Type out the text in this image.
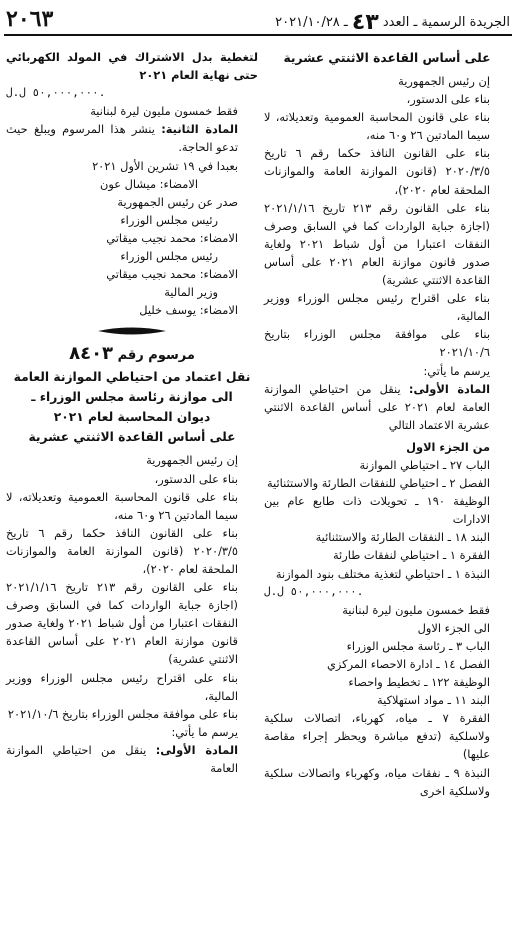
٢٠٦٣	الجريدة الرسمية ـ العدد ٤٣ ـ ٢٠٢١/١٠/٢٨

على أساس القاعدة الاثنتي عشرية

إن رئيس الجمهورية

بناء على الدستور،

بناء على قانون المحاسبة العمومية وتعديلاته، لا سيما المادتين ٢٦ و٦٠ منه،

بناء على القانون النافذ حكما رقم ٦ تاريخ ٢٠٢٠/٣/٥ (قانون الموازنة العامة والموازنات الملحقة لعام ٢٠٢٠)،

بناء على القانون رقم ٢١٣ تاريخ ٢٠٢١/١/١٦ (اجازة جباية الواردات كما في السابق وصرف النفقات اعتبارا من أول شباط ٢٠٢١ ولغاية صدور قانون موازنة العام ٢٠٢١ على أساس القاعدة الاثنتي عشرية)

بناء على اقتراح رئيس مجلس الوزراء ووزير المالية،

بناء على موافقة مجلس الوزراء بتاريخ ٢٠٢١/١٠/٦

يرسم ما يأتي:

المادة الأولى: ينقل من احتياطي الموازنة العامة لعام ٢٠٢١ على أساس القاعدة الاثنتي عشرية الاعتماد التالي

من الجزء الاول

الباب ٢٧ ـ احتياطي الموازنة

الفصل ٢ ـ احتياطي للنفقات الطارئة والاستثنائية

الوظيفة ١٩٠ ـ تحويلات ذات طابع عام بين الادارات

البند ١٨ ـ النفقات الطارئة والاستثنائية

الفقرة ١ ـ احتياطي لنفقات طارئة

النبذة ١ ـ احتياطي لتغذية مختلف بنود الموازنة

٥٠,٠٠٠,٠٠٠ ل.ل.

فقط خمسون مليون ليرة لبنانية

الى الجزء الاول

الباب ٣ ـ رئاسة مجلس الوزراء

الفصل ١٤ ـ ادارة الاحصاء المركزي

الوظيفة ١٢٢ ـ تخطيط واحصاء

البند ١١ ـ مواد استهلاكية

الفقرة ٧ ـ مياه، كهرباء، اتصالات سلكية ولاسلكية (تدفع مباشرة ويحظر إجراء مقاصة عليها)

النبذة ٩ ـ نفقات مياه، وكهرباء واتصالات سلكية ولاسلكية اخرى

لتغطية بدل الاشتراك في المولد الكهربائي حتى نهاية العام ٢٠٢١

٥٠,٠٠٠,٠٠٠ ل.ل.

فقط خمسون مليون ليرة لبنانية

المادة الثانية: ينشر هذا المرسوم ويبلغ حيث تدعو الحاجة.

بعبدا في ١٩ تشرين الأول ٢٠٢١

الامضاء: ميشال عون

صدر عن رئيس الجمهورية

رئيس مجلس الوزراء

الامضاء: محمد نجيب ميقاتي

رئيس مجلس الوزراء

الامضاء: محمد نجيب ميقاتي

وزير المالية

الامضاء: يوسف خليل

مرسوم رقم ٨٤٠٣

نقل اعتماد من احتياطي الموازنة العامة

الى موازنة رئاسة مجلس الوزراء ـ

ديوان المحاسبة لعام ٢٠٢١

على أساس القاعدة الاثنتي عشرية

إن رئيس الجمهورية

بناء على الدستور،

بناء على قانون المحاسبة العمومية وتعديلاته، لا سيما المادتين ٢٦ و٦٠ منه،

بناء على القانون النافذ حكما رقم ٦ تاريخ ٢٠٢٠/٣/٥ (قانون الموازنة العامة والموازنات الملحقة لعام ٢٠٢٠)،

بناء على القانون رقم ٢١٣ تاريخ ٢٠٢١/١/١٦ (اجازة جباية الواردات كما في السابق وصرف النفقات اعتبارا من أول شباط ٢٠٢١ ولغاية صدور قانون موازنة العام ٢٠٢١ على أساس القاعدة الاثنتي عشرية)

بناء على اقتراح رئيس مجلس الوزراء ووزير المالية،

بناء على موافقة مجلس الوزراء بتاريخ ٢٠٢١/١٠/٦

يرسم ما يأتي:

المادة الأولى: ينقل من احتياطي الموازنة العامة
